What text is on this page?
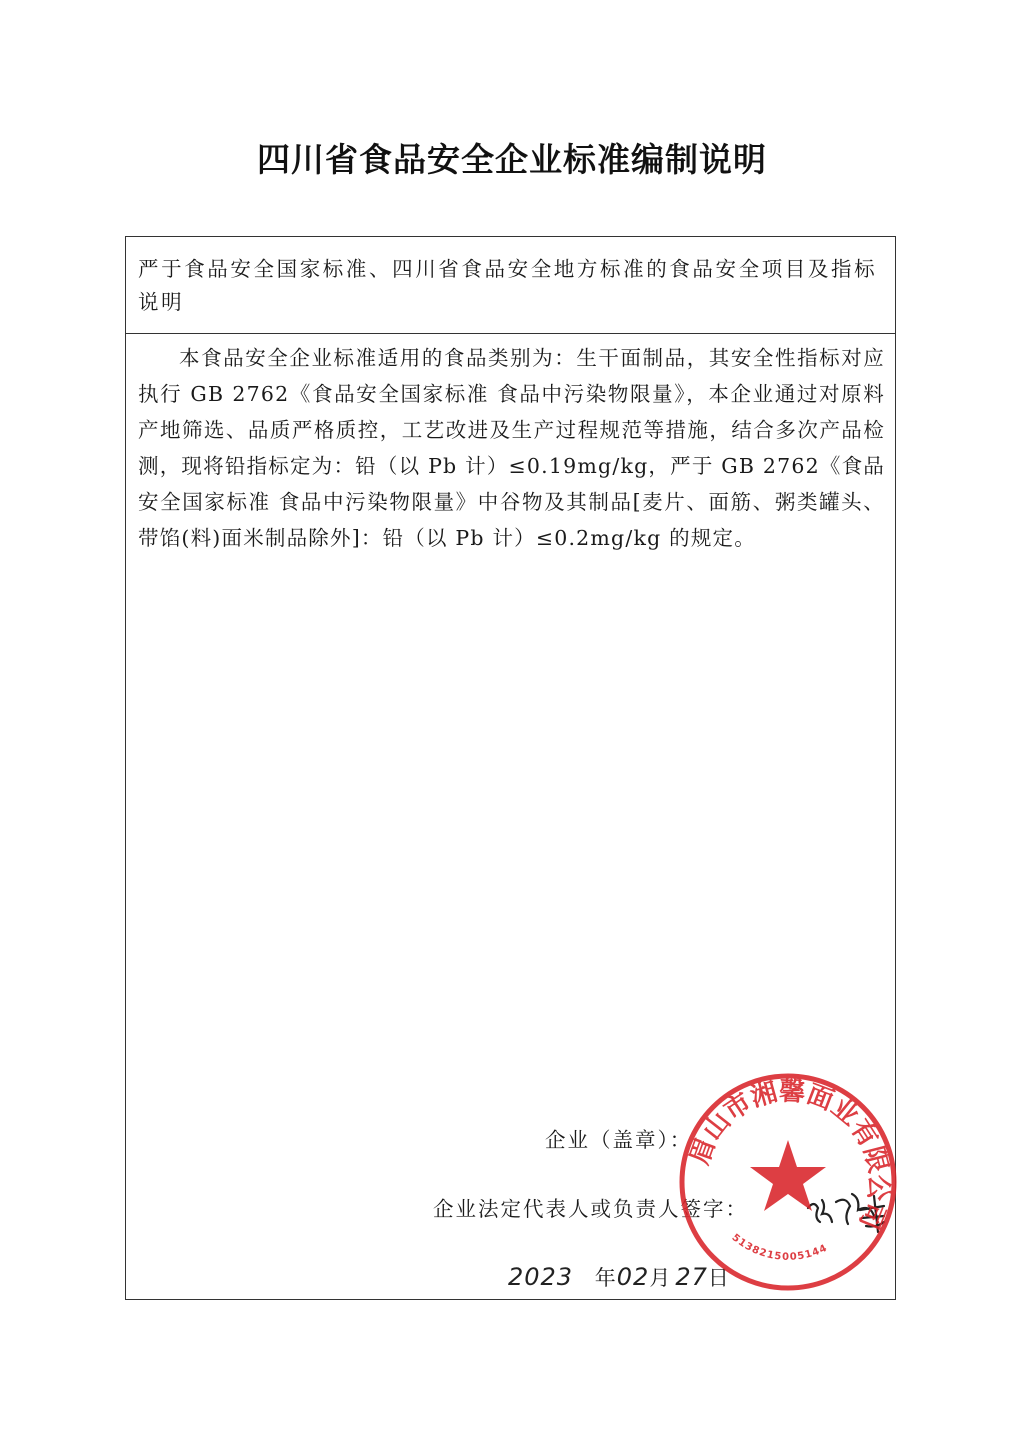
四川省食品安全企业标准编制说明
严于食品安全国家标准、四川省食品安全地方标准的食品安全项目及指标说明

本食品安全企业标准适用的食品类别为：生干面制品，其安全性指标对应执行 GB 2762《食品安全国家标准 食品中污染物限量》，本企业通过对原料产地筛选、品质严格质控，工艺改进及生产过程规范等措施，结合多次产品检测，现将铅指标定为：铅（以 Pb 计）≤0.19mg/kg，严于 GB 2762《食品安全国家标准 食品中污染物限量》中谷物及其制品[麦片、面筋、粥类罐头、带馅(料)面米制品除外]：铅（以 Pb 计）≤0.2mg/kg 的规定。

企业（盖章）：
企业法定代表人或负责人签字：
2023 年02月 27日
眉山市湘馨面业有限公司
5138215005144
